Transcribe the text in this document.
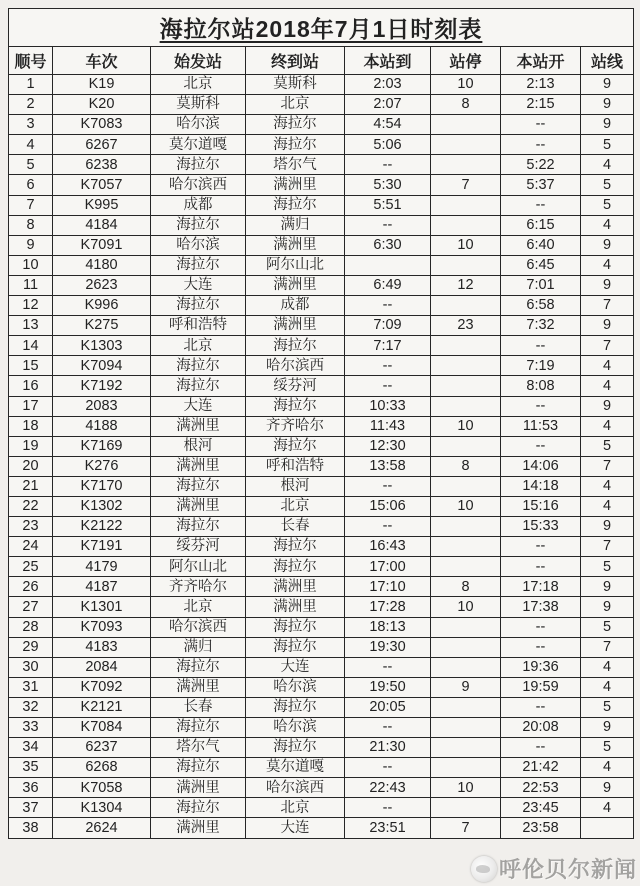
海拉尔站2018年7月1日时刻表							
顺号	车次	始发站	终到站	本站到	站停	本站开	站线
1	K19	北京	莫斯科	2:03	10	2:13	9
2	K20	莫斯科	北京	2:07	8	2:15	9
3	K7083	哈尔滨	海拉尔	4:54		--	9
4	6267	莫尔道嘎	海拉尔	5:06		--	5
5	6238	海拉尔	塔尔气	--		5:22	4
6	K7057	哈尔滨西	满洲里	5:30	7	5:37	5
7	K995	成都	海拉尔	5:51		--	5
8	4184	海拉尔	满归	--		6:15	4
9	K7091	哈尔滨	满洲里	6:30	10	6:40	9
10	4180	海拉尔	阿尔山北			6:45	4
11	2623	大连	满洲里	6:49	12	7:01	9
12	K996	海拉尔	成都	--		6:58	7
13	K275	呼和浩特	满洲里	7:09	23	7:32	9
14	K1303	北京	海拉尔	7:17		--	7
15	K7094	海拉尔	哈尔滨西	--		7:19	4
16	K7192	海拉尔	绥芬河	--		8:08	4
17	2083	大连	海拉尔	10:33		--	9
18	4188	满洲里	齐齐哈尔	11:43	10	11:53	4
19	K7169	根河	海拉尔	12:30		--	5
20	K276	满洲里	呼和浩特	13:58	8	14:06	7
21	K7170	海拉尔	根河	--		14:18	4
22	K1302	满洲里	北京	15:06	10	15:16	4
23	K2122	海拉尔	长春	--		15:33	9
24	K7191	绥芬河	海拉尔	16:43		--	7
25	4179	阿尔山北	海拉尔	17:00		--	5
26	4187	齐齐哈尔	满洲里	17:10	8	17:18	9
27	K1301	北京	满洲里	17:28	10	17:38	9
28	K7093	哈尔滨西	海拉尔	18:13		--	5
29	4183	满归	海拉尔	19:30		--	7
30	2084	海拉尔	大连	--		19:36	4
31	K7092	满洲里	哈尔滨	19:50	9	19:59	4
32	K2121	长春	海拉尔	20:05		--	5
33	K7084	海拉尔	哈尔滨	--		20:08	9
34	6237	塔尔气	海拉尔	21:30		--	5
35	6268	海拉尔	莫尔道嘎	--		21:42	4
36	K7058	满洲里	哈尔滨西	22:43	10	22:53	9
37	K1304	海拉尔	北京	--		23:45	4
38	2624	满洲里	大连	23:51	7	23:58	
呼伦贝尔新闻
